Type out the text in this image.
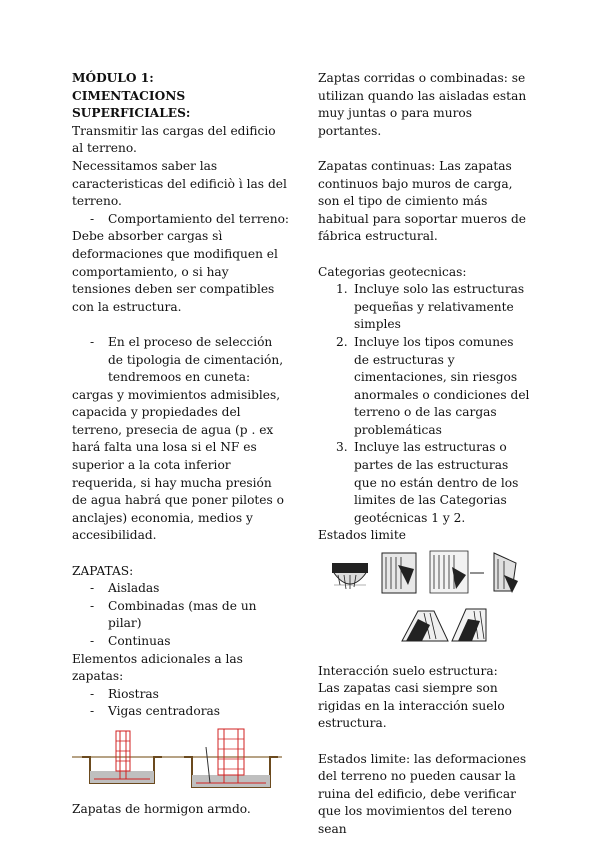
MÓDULO 1:

CIMENTACIONS SUPERFICIALES:

Transmitir las cargas del edificio al terreno.

Necessitamos saber las caracteristicas del edificiò ì las del terreno.

- Comportamiento del terreno:

Debe absorber cargas sì deformaciones que modifiquen el comportamiento, o si hay tensiones deben ser compatibles con la estructura.

- En el proceso de selección de tipologia de cimentación, tendremoos en cuneta:

cargas y movimientos admisibles, capacida y propiedades del terreno, presecia de agua (p . ex hará falta una losa si el NF es superior a la cota inferior requerida, si hay mucha presión de agua habrá que poner pilotes o anclajes) economia, medios y accesibilidad.

ZAPATAS:

- Aisladas
- Combinadas (mas de un pilar)
- Continuas

Elementos adicionales a las zapatas:

- Riostras
- Vigas centradoras

Zapatas de hormigon armdo.

Zaptas corridas o combinadas: se utilizan quando las aisladas estan muy juntas o para muros portantes.

Zapatas continuas: Las zapatas continuos bajo muros de carga, son el tipo de cimiento más habitual para soportar mueros de fábrica estructural.

Categorias geotecnicas:

1. Incluye solo las estructuras pequeñas y relativamente simples
2. Incluye los tipos comunes de estructuras y cimentaciones, sin riesgos anormales o condiciones del terreno o de las cargas problemáticas
3. Incluye las estructuras o partes de las estructuras que no están dentro de los limites de las Categorias geotécnicas 1 y 2.

Estados limite

Interacción suelo estructura:

Las zapatas casi siempre son rigidas en la interacción suelo estructura.

Estados limite: las deformaciones del terreno no pueden causar la ruina del edificio, debe verificar que los movimientos del tereno sean
